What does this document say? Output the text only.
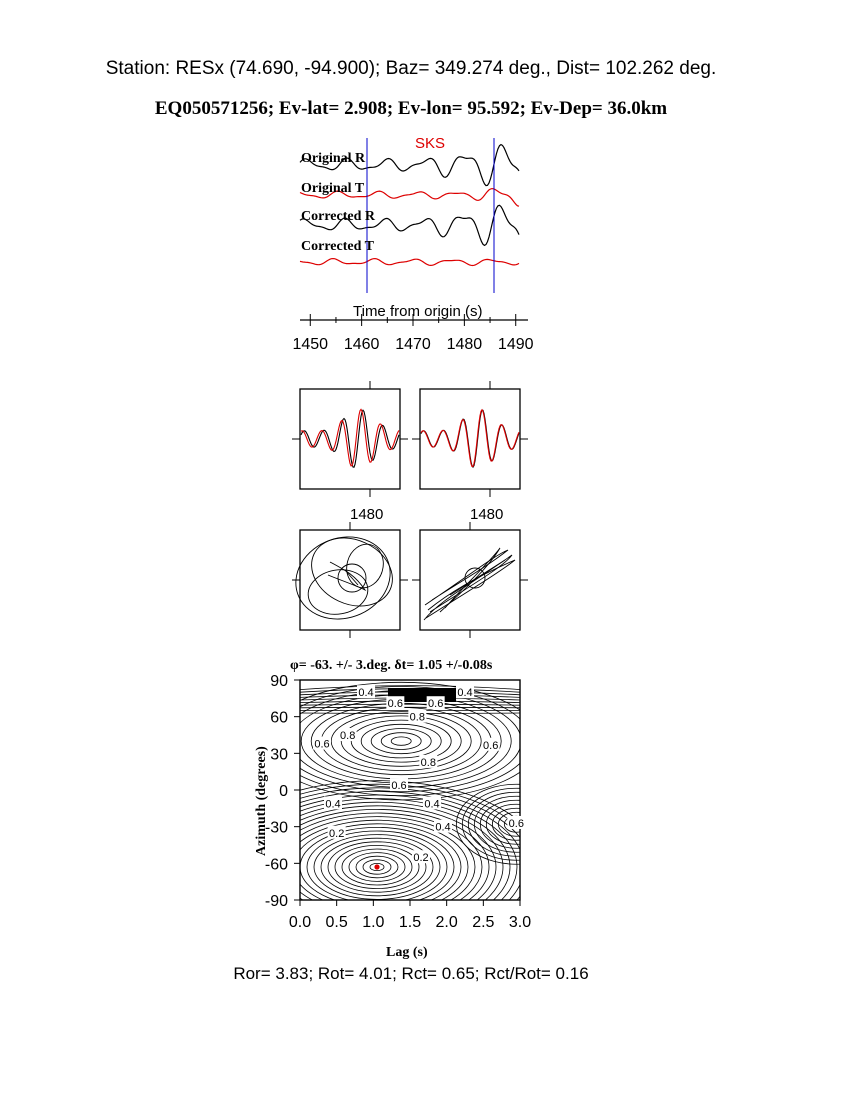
Station: RESx (74.690, -94.900); Baz= 349.274 deg., Dist= 102.262 deg.
EQ050571256; Ev-lat= 2.908; Ev-lon= 95.592; Ev-Dep= 36.0km
Ror= 3.83; Rot= 4.01; Rct= 0.65; Rct/Rot= 0.16
SKS
Original R
Original T
Corrected R
Corrected T
Time from origin (s)
1450 1460 1470 1480 1490
1480	1480
0.0 0.5 1.0 1.5 2.0 2.5 3.0
90
60
30
0
-30
-60
-90
0.4
0.6 0.6
0.8
0.4
0.6
0.8
0.8
0.6
0.6
0.4	0.4
0.4
0.2
0.2
0.6
φ= -63. +/- 3.deg. δt= 1.05 +/-0.08s
Lag (s)
Azimuth (degrees)
